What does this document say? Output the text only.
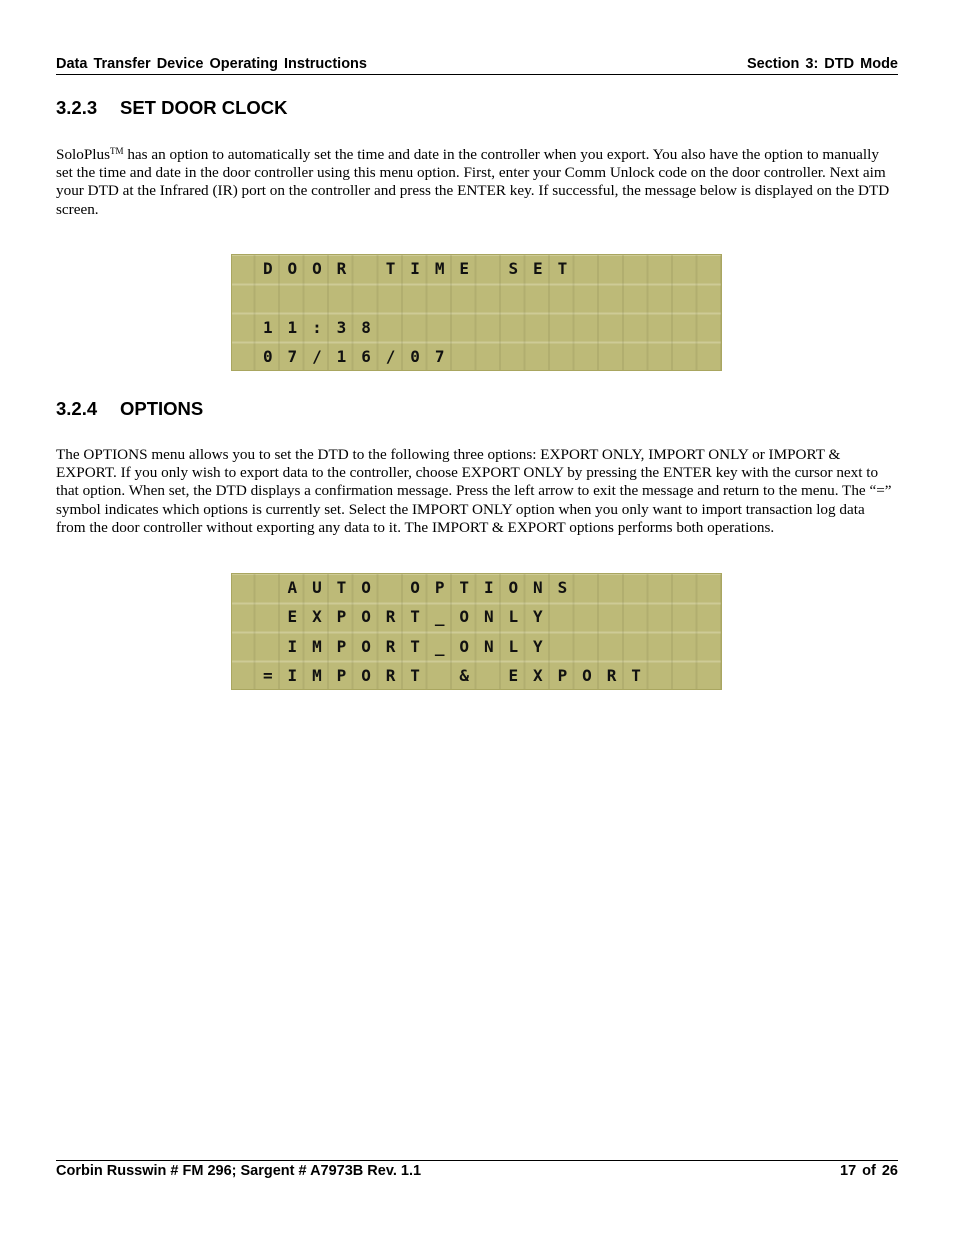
Data Transfer Device Operating Instructions	Section 3: DTD Mode
3.2.3 SET DOOR CLOCK
SoloPlus™ has an option to automatically set the time and date in the controller when you export. You also have the option to manually set the time and date in the door controller using this menu option. First, enter your Comm Unlock code on the door controller. Next aim your DTD at the Infrared (IR) port on the controller and press the ENTER key. If successful, the message below is displayed on the DTD screen.
D O O R	T I M E	S E T
1 1 : 3 8
0 7 / 1 6 / 0 7
3.2.4 OPTIONS
The OPTIONS menu allows you to set the DTD to the following three options: EXPORT ONLY, IMPORT ONLY or IMPORT & EXPORT. If you only wish to export data to the controller, choose EXPORT ONLY by pressing the ENTER key with the cursor next to that option. When set, the DTD displays a confirmation message. Press the left arrow to exit the message and return to the menu. The “=” symbol indicates which options is currently set. Select the IMPORT ONLY option when you only want to import transaction log data from the door controller without exporting any data to it. The IMPORT & EXPORT options performs both operations.
A U T O	O P T I O N S
E X P O R T _ O N L Y
I M P O R T _ O N L Y
= I M P O R T	&	E X P O R T
Corbin Russwin # FM 296; Sargent # A7973B Rev. 1.1	17 of 26
